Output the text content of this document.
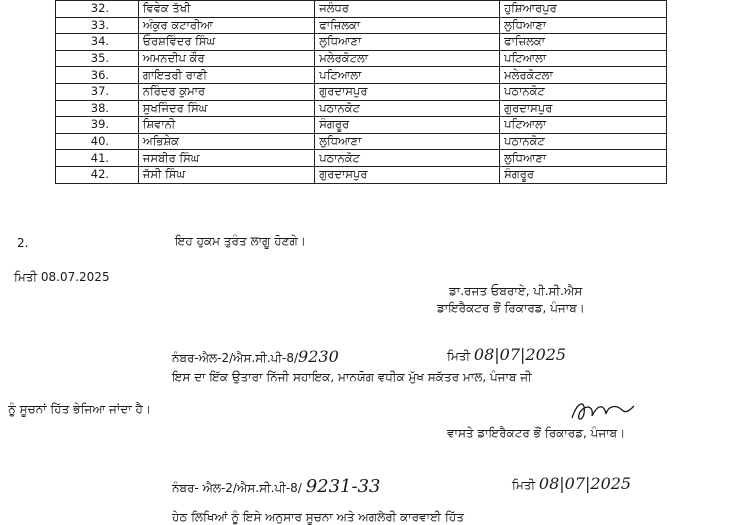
32.	ਵਿਵੇਕ ਤੱਖੀ	ਜਲੰਧਰ	ਹੁਸ਼ਿਆਰਪੁਰ
33.	ਅੰਕੁਰ ਕਟਾਰੀਆ	ਫਾਜ਼ਿਲਕਾ	ਲੁਧਿਆਣਾ
34.	ਓਰਸ਼ਵਿੰਦਰ ਸਿੰਘ	ਲੁਧਿਆਣਾ	ਫਾਜ਼ਿਲਕਾ
35.	ਅਮਨਦੀਪ ਕੌਰ	ਮਲੇਰਕੋਟਲਾ	ਪਟਿਆਲਾ
36.	ਗਾਇਤਰੀ ਰਾਣੀ	ਪਟਿਆਲਾ	ਮਲੇਰਕੋਟਲਾ
37.	ਨਰਿੰਦਰ ਕੁਮਾਰ	ਗੁਰਦਾਸਪੁਰ	ਪਠਾਨਕੋਟ
38.	ਸੁਖਜਿੰਦਰ ਸਿੰਘ	ਪਠਾਨਕੋਟ	ਗੁਰਦਾਸਪੁਰ
39.	ਸ਼ਿਵਾਨੀ	ਸੰਗਰੂਰ	ਪਟਿਆਲਾ
40.	ਅਭਿਸ਼ੇਕ	ਲੁਧਿਆਣਾ	ਪਠਾਨਕੋਟ
41.	ਜਸਬੀਰ ਸਿੰਘ	ਪਠਾਨਕੋਟ	ਲੁਧਿਆਣਾ
42.	ਜੱਸੀ ਸਿੰਘ	ਗੁਰਦਾਸਪੁਰ	ਸੰਗਰੂਰ
2.	ਇਹ ਹੁਕਮ ਤੁਰੰਤ ਲਾਗੂ ਹੋਣਗੇ।
ਮਿਤੀ 08.07.2025
ਡਾ.ਰਜਤ ਓਬਰਾਏ, ਪੀ.ਸੀ.ਐਸ
ਡਾਇਰੈਕਟਰ ਭੌਂ ਰਿਕਾਰਡ, ਪੰਜਾਬ।
ਨੰਬਰ-ਐਲ-2/ਐਸ.ਸੀ.ਪੀ-8/9230	ਮਿਤੀ 08|07|2025
ਇਸ ਦਾ ਇੱਕ ਉਤਾਰਾ ਨਿੱਜੀ ਸਹਾਇਕ, ਮਾਨਯੋਗ ਵਧੀਕ ਮੁੱਖ ਸਕੱਤਰ ਮਾਲ, ਪੰਜਾਬ ਜੀ
ਨੂੰ ਸੂਚਨਾਂ ਹਿੱਤ ਭੇਜਿਆ ਜਾਂਦਾ ਹੈ।
ਵਾਸਤੇ ਡਾਇਰੈਕਟਰ ਭੌਂ ਰਿਕਾਰਡ, ਪੰਜਾਬ।
ਨੰਬਰ- ਐਲ-2/ਐਸ.ਸੀ.ਪੀ-8/ 9231-33	ਮਿਤੀ 08|07|2025
ਹੇਠ ਲਿਖਿਆਂ ਨੂੰ ਇਸੇ ਅਨੁਸਾਰ ਸੂਚਨਾ ਅਤੇ ਅਗਲੇਰੀ ਕਾਰਵਾਈ ਹਿੱਤ
